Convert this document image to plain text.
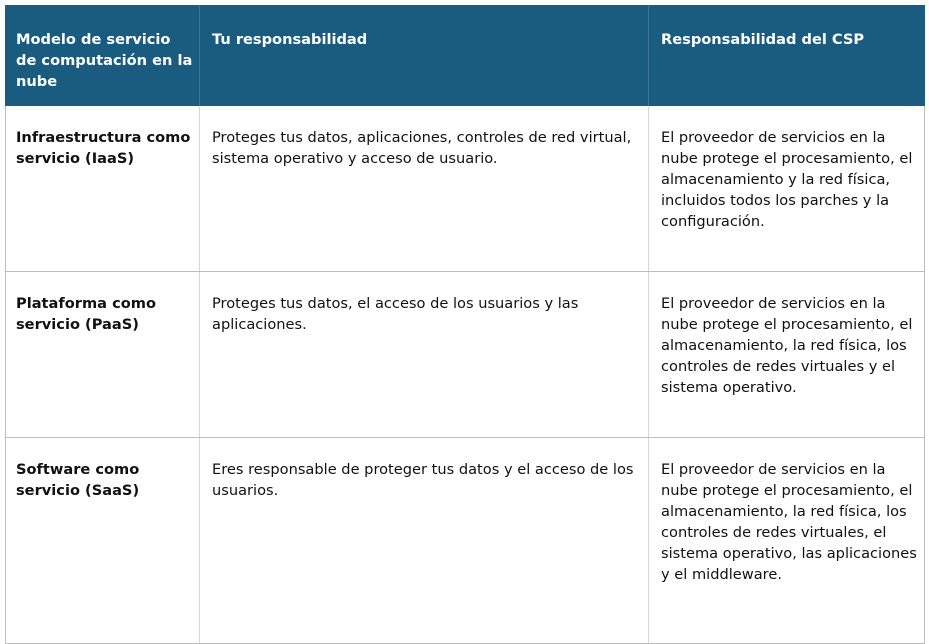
Modelo de servicio de computación en la nube	Tu responsabilidad	Responsabilidad del CSP
Infraestructura como servicio (IaaS)	Proteges tus datos, aplicaciones, controles de red virtual, sistema operativo y acceso de usuario.	El proveedor de servicios en la nube protege el procesamiento, el almacenamiento y la red física, incluidos todos los parches y la configuración.
Plataforma como servicio (PaaS)	Proteges tus datos, el acceso de los usuarios y las aplicaciones.	El proveedor de servicios en la nube protege el procesamiento, el almacenamiento, la red física, los controles de redes virtuales y el sistema operativo.
Software como servicio (SaaS)	Eres responsable de proteger tus datos y el acceso de los usuarios.	El proveedor de servicios en la nube protege el procesamiento, el almacenamiento, la red física, los controles de redes virtuales, el sistema operativo, las aplicaciones y el middleware.
